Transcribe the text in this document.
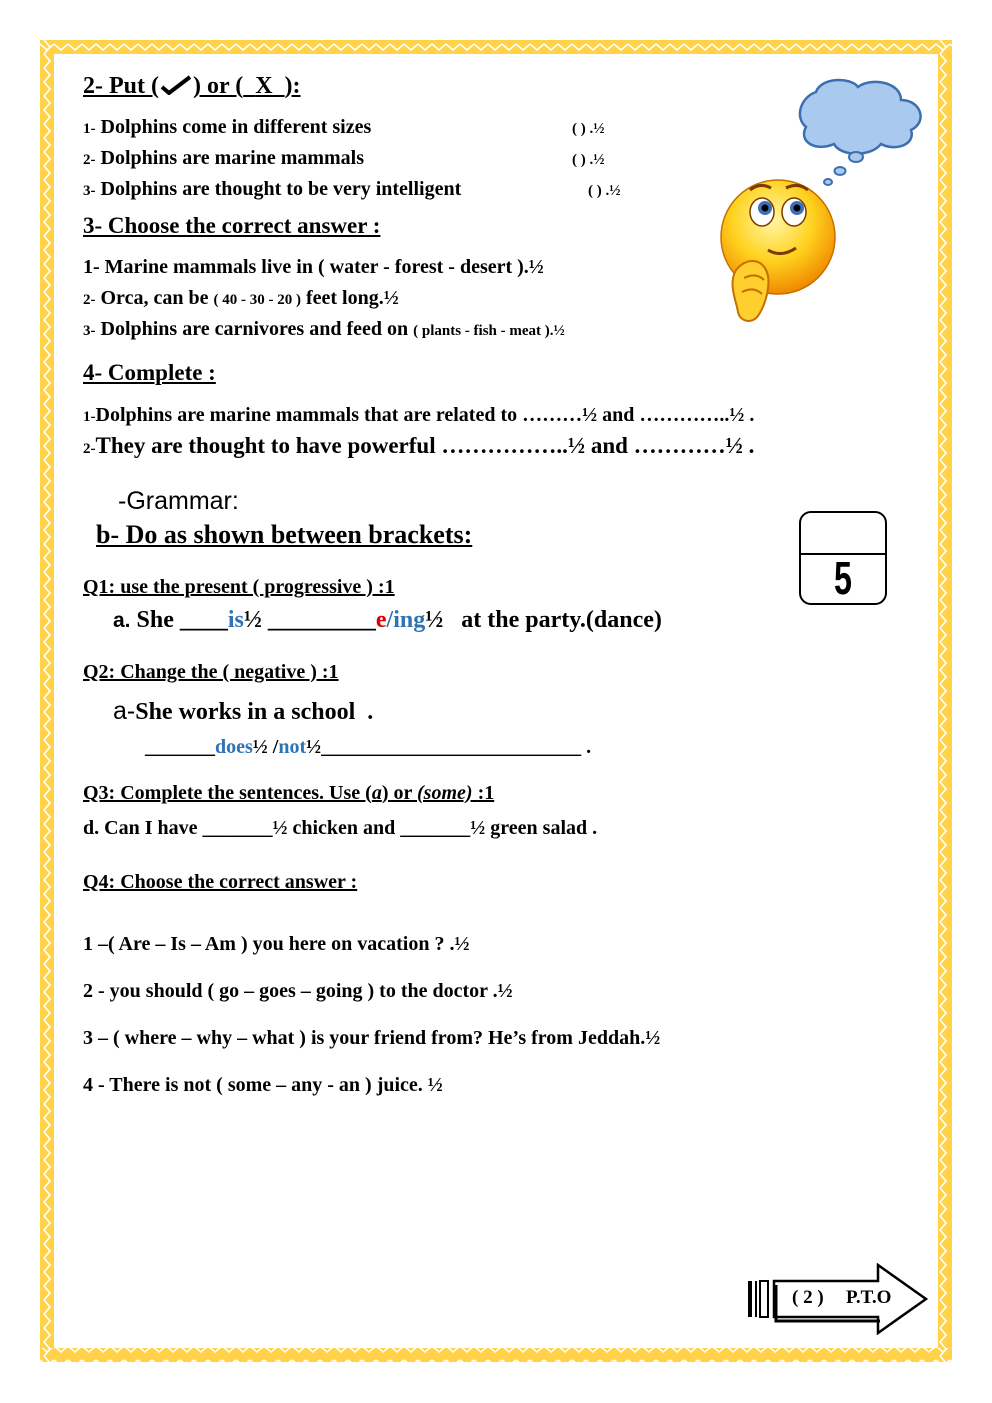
2- Put ( ) or ( X ):
1- Dolphins come in different sizes	( ) .½
2- Dolphins are marine mammals	( ) .½
3- Dolphins are thought to be very intelligent	( ) .½
3- Choose the correct answer :
1- Marine mammals live in ( water - forest - desert ).½
2- Orca, can be ( 40 - 30 - 20 ) feet long.½
3- Dolphins are carnivores and feed on ( plants - fish - meat ).½
4- Complete :
1-Dolphins are marine mammals that are related to ………½ and …………..½ .
2-They are thought to have powerful ……………..½ and …………½ .
-Grammar:
b- Do as shown between brackets:
5
Q1: use the present ( progressive ) :1
a. She ____is½ _________e/ing½ at the party.(dance)
Q2: Change the ( negative ) :1
a-She works in a school .
_______does½ /not½__________________________ .
Q3: Complete the sentences. Use (a) or (some) :1
d. Can I have _______½ chicken and _______½ green salad .
Q4: Choose the correct answer :
1 –( Are – Is – Am ) you here on vacation ? .½
2 - you should ( go – goes – going ) to the doctor .½
3 – ( where – why – what ) is your friend from? He’s from Jeddah.½
4 - There is not ( some – any - an ) juice. ½
( 2 ) P.T.O
